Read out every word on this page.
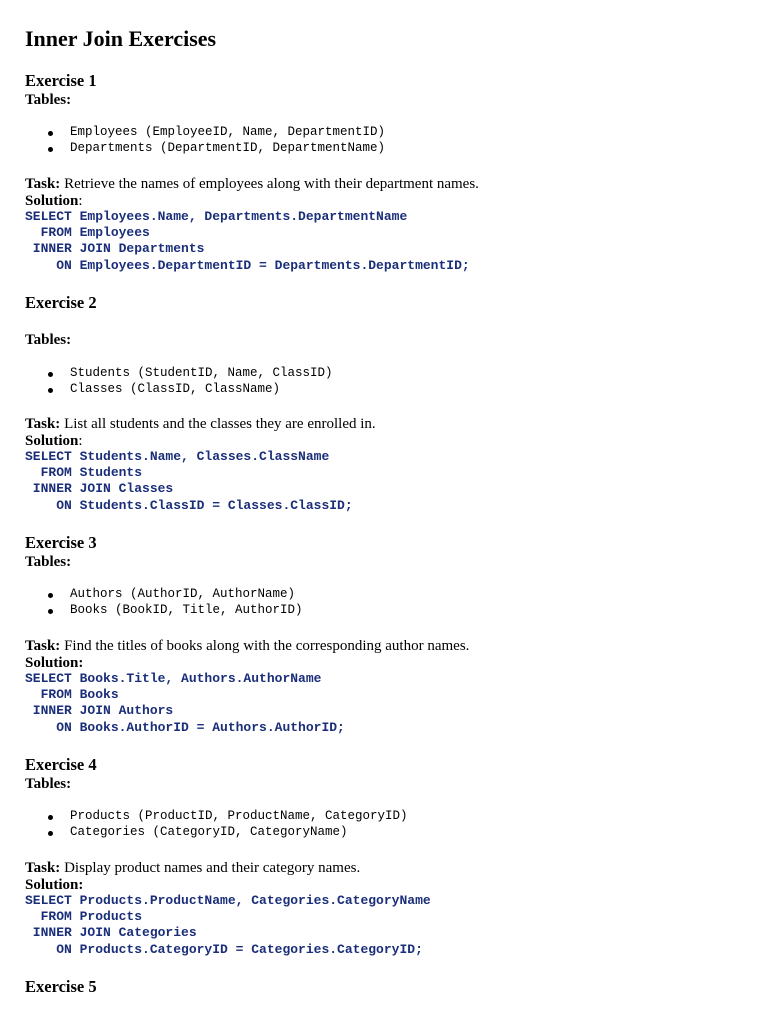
Inner Join Exercises
Exercise 1
Tables:
Employees (EmployeeID, Name, DepartmentID)
Departments (DepartmentID, DepartmentName)
Task: Retrieve the names of employees along with their department names.
Solution:
SELECT Employees.Name, Departments.DepartmentName
FROM Employees
INNER JOIN Departments
ON Employees.DepartmentID = Departments.DepartmentID;
Exercise 2
Tables:
Students (StudentID, Name, ClassID)
Classes (ClassID, ClassName)
Task: List all students and the classes they are enrolled in.
Solution:
SELECT Students.Name, Classes.ClassName
FROM Students
INNER JOIN Classes
ON Students.ClassID = Classes.ClassID;
Exercise 3
Tables:
Authors (AuthorID, AuthorName)
Books (BookID, Title, AuthorID)
Task: Find the titles of books along with the corresponding author names.
Solution:
SELECT Books.Title, Authors.AuthorName
FROM Books
INNER JOIN Authors
ON Books.AuthorID = Authors.AuthorID;
Exercise 4
Tables:
Products (ProductID, ProductName, CategoryID)
Categories (CategoryID, CategoryName)
Task: Display product names and their category names.
Solution:
SELECT Products.ProductName, Categories.CategoryName
FROM Products
INNER JOIN Categories
ON Products.CategoryID = Categories.CategoryID;
Exercise 5
